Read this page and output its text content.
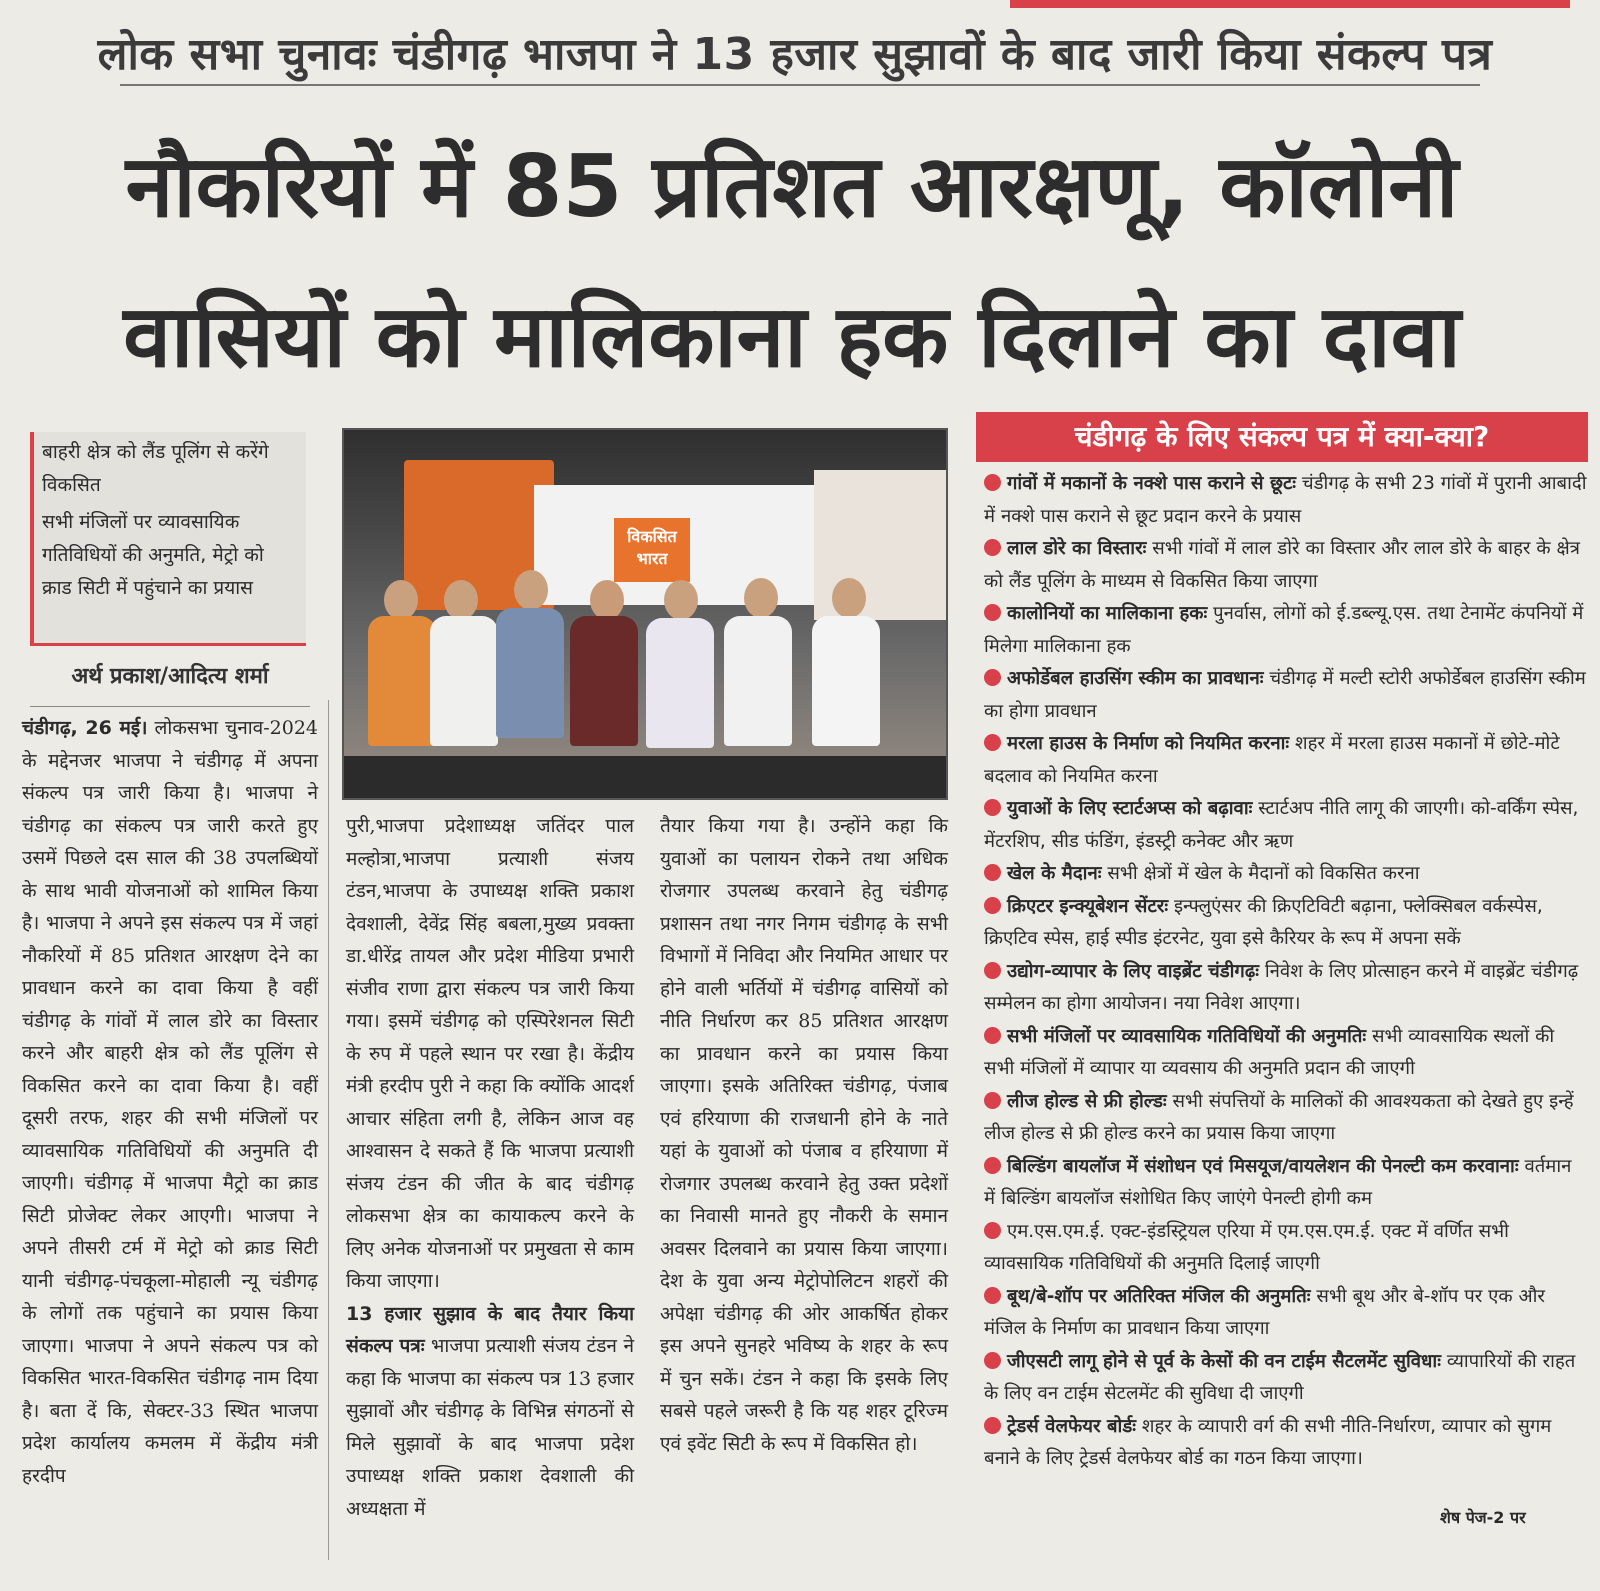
लोक सभा चुनावः चंडीगढ़ भाजपा ने 13 हजार सुझावों के बाद जारी किया संकल्प पत्र
नौकरियों में 85 प्रतिशत आरक्षणू, कॉलोनी
वासियों को मालिकाना हक दिलाने का दावा

बाहरी क्षेत्र को लैंड पूलिंग से करेंगे विकसित

सभी मंजिलों पर व्यावसायिक गतिविधियों की अनुमति, मेट्रो को क्राड सिटी में पहुंचाने का प्रयास

अर्थ प्रकाश/आदित्य शर्मा
विकसित भारत

चंडीगढ़, 26 मई। लोकसभा चुनाव-2024 के मद्देनजर भाजपा ने चंडीगढ़ में अपना संकल्प पत्र जारी किया है। भाजपा ने चंडीगढ़ का संकल्प पत्र जारी करते हुए उसमें पिछले दस साल की 38 उपलब्धियों के साथ भावी योजनाओं को शामिल किया है। भाजपा ने अपने इस संकल्प पत्र में जहां नौकरियों में 85 प्रतिशत आरक्षण देने का प्रावधान करने का दावा किया है वहीं चंडीगढ़ के गांवों में लाल डोरे का विस्तार करने और बाहरी क्षेत्र को लैंड पूलिंग से विकसित करने का दावा किया है। वहीं दूसरी तरफ, शहर की सभी मंजिलों पर व्यावसायिक गतिविधियों की अनुमति दी जाएगी। चंडीगढ़ में भाजपा मैट्रो का क्राड सिटी प्रोजेक्ट लेकर आएगी। भाजपा ने अपने तीसरी टर्म में मेट्रो को क्राड सिटी यानी चंडीगढ़-पंचकूला-मोहाली न्यू चंडीगढ़ के लोगों तक पहुंचाने का प्रयास किया जाएगा। भाजपा ने अपने संकल्प पत्र को विकसित भारत-विकसित चंडीगढ़ नाम दिया है। बता दें कि, सेक्टर-33 स्थित भाजपा प्रदेश कार्यालय कमलम में केंद्रीय मंत्री हरदीप

पुरी,भाजपा प्रदेशाध्यक्ष जतिंदर पाल मल्होत्रा,भाजपा प्रत्याशी संजय टंडन,भाजपा के उपाध्यक्ष शक्ति प्रकाश देवशाली, देवेंद्र सिंह बबला,मुख्य प्रवक्ता डा.धीरेंद्र तायल और प्रदेश मीडिया प्रभारी संजीव राणा द्वारा संकल्प पत्र जारी किया गया। इसमें चंडीगढ़ को एस्पिरेशनल सिटी के रुप में पहले स्थान पर रखा है। केंद्रीय मंत्री हरदीप पुरी ने कहा कि क्योंकि आदर्श आचार संहिता लगी है, लेकिन आज वह आश्वासन दे सकते हैं कि भाजपा प्रत्याशी संजय टंडन की जीत के बाद चंडीगढ़ लोकसभा क्षेत्र का कायाकल्प करने के लिए अनेक योजनाओं पर प्रमुखता से काम किया जाएगा।

13 हजार सुझाव के बाद तैयार किया संकल्प पत्रः भाजपा प्रत्याशी संजय टंडन ने कहा कि भाजपा का संकल्प पत्र 13 हजार सुझावों और चंडीगढ़ के विभिन्न संगठनों से मिले सुझावों के बाद भाजपा प्रदेश उपाध्यक्ष शक्ति प्रकाश देवशाली की अध्यक्षता में

तैयार किया गया है। उन्होंने कहा कि युवाओं का पलायन रोकने तथा अधिक रोजगार उपलब्ध करवाने हेतु चंडीगढ़ प्रशासन तथा नगर निगम चंडीगढ़ के सभी विभागों में निविदा और नियमित आधार पर होने वाली भर्तियों में चंडीगढ़ वासियों को नीति निर्धारण कर 85 प्रतिशत आरक्षण का प्रावधान करने का प्रयास किया जाएगा। इसके अतिरिक्त चंडीगढ़, पंजाब एवं हरियाणा की राजधानी होने के नाते यहां के युवाओं को पंजाब व हरियाणा में रोजगार उपलब्ध करवाने हेतु उक्त प्रदेशों का निवासी मानते हुए नौकरी के समान अवसर दिलवाने का प्रयास किया जाएगा। देश के युवा अन्य मेट्रोपोलिटन शहरों की अपेक्षा चंडीगढ़ की ओर आकर्षित होकर इस अपने सुनहरे भविष्य के शहर के रूप में चुन सकें। टंडन ने कहा कि इसके लिए सबसे पहले जरूरी है कि यह शहर टूरिज्म एवं इवेंट सिटी के रूप में विकसित हो।

चंडीगढ़ के लिए संकल्प पत्र में क्या-क्या?
गांवों में मकानों के नक्शे पास कराने से छूटः चंडीगढ़ के सभी 23 गांवों में पुरानी आबादी में नक्शे पास कराने से छूट प्रदान करने के प्रयास
लाल डोरे का विस्तारः सभी गांवों में लाल डोरे का विस्तार और लाल डोरे के बाहर के क्षेत्र को लैंड पूलिंग के माध्यम से विकसित किया जाएगा
कालोनियों का मालिकाना हकः पुनर्वास, लोगों को ई.डब्ल्यू.एस. तथा टेनामेंट कंपनियों में मिलेगा मालिकाना हक
अफोर्डेबल हाउसिंग स्कीम का प्रावधानः चंडीगढ़ में मल्टी स्टोरी अफोर्डेबल हाउसिंग स्कीम का होगा प्रावधान
मरला हाउस के निर्माण को नियमित करनाः शहर में मरला हाउस मकानों में छोटे-मोटे बदलाव को नियमित करना
युवाओं के लिए स्टार्टअप्स को बढ़ावाः स्टार्टअप नीति लागू की जाएगी। को-वर्किंग स्पेस, मेंटरशिप, सीड फंडिंग, इंडस्ट्री कनेक्ट और ऋण
खेल के मैदानः सभी क्षेत्रों में खेल के मैदानों को विकसित करना
क्रिएटर इन्क्यूबेशन सेंटरः इन्फ्लुएंसर की क्रिएटिविटी बढ़ाना, फ्लेक्सिबल वर्कस्पेस, क्रिएटिव स्पेस, हाई स्पीड इंटरनेट, युवा इसे कैरियर के रूप में अपना सकें
उद्योग-व्यापार के लिए वाइब्रेंट चंडीगढ़ः निवेश के लिए प्रोत्साहन करने में वाइब्रेंट चंडीगढ़ सम्मेलन का होगा आयोजन। नया निवेश आएगा।
सभी मंजिलों पर व्यावसायिक गतिविधियों की अनुमतिः सभी व्यावसायिक स्थलों की सभी मंजिलों में व्यापार या व्यवसाय की अनुमति प्रदान की जाएगी
लीज होल्ड से फ्री होल्डः सभी संपत्तियों के मालिकों की आवश्यकता को देखते हुए इन्हें लीज होल्ड से फ्री होल्ड करने का प्रयास किया जाएगा
बिल्डिंग बायलॉज में संशोधन एवं मिसयूज/वायलेशन की पेनल्टी कम करवानाः वर्तमान में बिल्डिंग बायलॉज संशोधित किए जाएंगे पेनल्टी होगी कम
एम.एस.एम.ई. एक्ट-इंडस्ट्रियल एरिया में एम.एस.एम.ई. एक्ट में वर्णित सभी व्यावसायिक गतिविधियों की अनुमति दिलाई जाएगी
बूथ/बे-शॉप पर अतिरिक्त मंजिल की अनुमतिः सभी बूथ और बे-शॉप पर एक और मंजिल के निर्माण का प्रावधान किया जाएगा
जीएसटी लागू होने से पूर्व के केसों की वन टाईम सैटलमेंट सुविधाः व्यापारियों की राहत के लिए वन टाईम सेटलमेंट की सुविधा दी जाएगी
ट्रेडर्स वेलफेयर बोर्डः शहर के व्यापारी वर्ग की सभी नीति-निर्धारण, व्यापार को सुगम बनाने के लिए ट्रेडर्स वेलफेयर बोर्ड का गठन किया जाएगा।
शेष पेज-2 पर
